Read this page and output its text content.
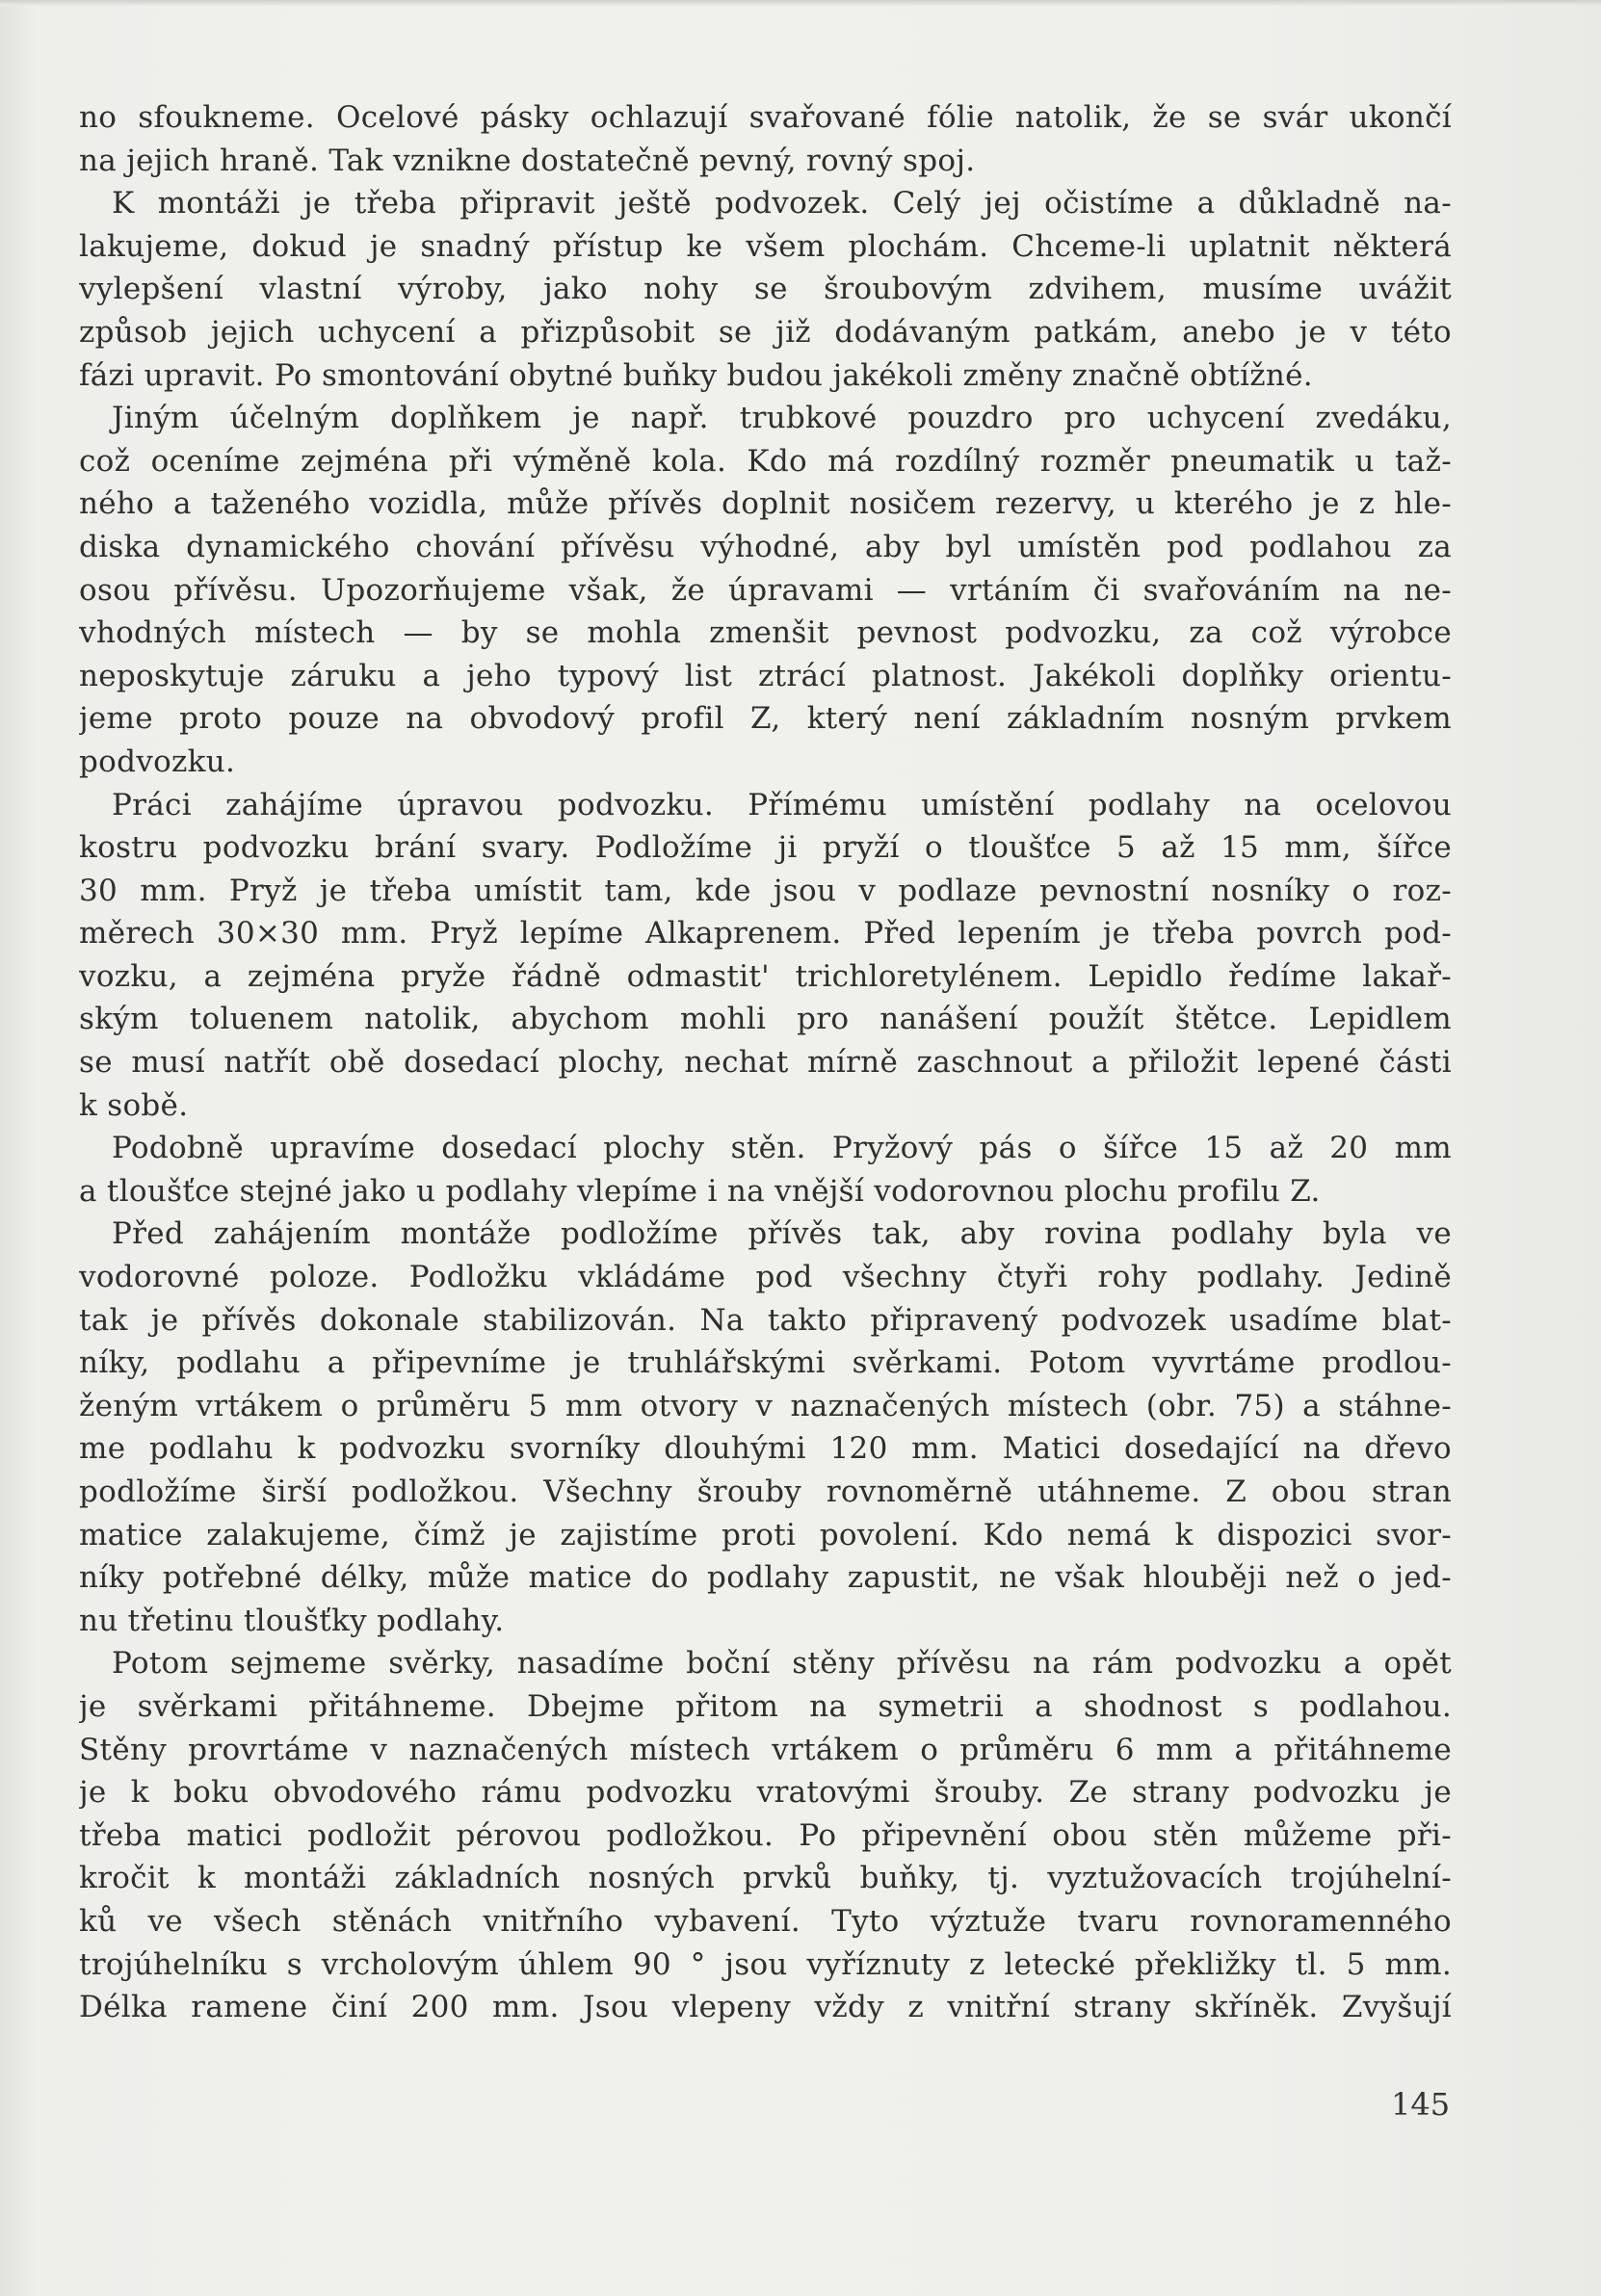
no sfoukneme. Ocelové pásky ochlazují svařované fólie natolik, že se svár ukončí
na jejich hraně. Tak vznikne dostatečně pevný, rovný spoj.
K montáži je třeba připravit ještě podvozek. Celý jej očistíme a důkladně na-
lakujeme, dokud je snadný přístup ke všem plochám. Chceme-li uplatnit některá
vylepšení vlastní výroby, jako nohy se šroubovým zdvihem, musíme uvážit
způsob jejich uchycení a přizpůsobit se již dodávaným patkám, anebo je v této
fázi upravit. Po smontování obytné buňky budou jakékoli změny značně obtížné.
Jiným účelným doplňkem je např. trubkové pouzdro pro uchycení zvedáku,
což oceníme zejména při výměně kola. Kdo má rozdílný rozměr pneumatik u taž-
ného a taženého vozidla, může přívěs doplnit nosičem rezervy, u kterého je z hle-
diska dynamického chování přívěsu výhodné, aby byl umístěn pod podlahou za
osou přívěsu. Upozorňujeme však, že úpravami — vrtáním či svařováním na ne-
vhodných místech — by se mohla zmenšit pevnost podvozku, za což výrobce
neposkytuje záruku a jeho typový list ztrácí platnost. Jakékoli doplňky orientu-
jeme proto pouze na obvodový profil Z, který není základním nosným prvkem
podvozku.
Práci zahájíme úpravou podvozku. Přímému umístění podlahy na ocelovou
kostru podvozku brání svary. Podložíme ji pryží o tloušťce 5 až 15 mm, šířce
30 mm. Pryž je třeba umístit tam, kde jsou v podlaze pevnostní nosníky o roz-
měrech 30×30 mm. Pryž lepíme Alkaprenem. Před lepením je třeba povrch pod-
vozku, a zejména pryže řádně odmastit' trichloretylénem. Lepidlo ředíme lakař-
ským toluenem natolik, abychom mohli pro nanášení použít štětce. Lepidlem
se musí natřít obě dosedací plochy, nechat mírně zaschnout a přiložit lepené části
k sobě.
Podobně upravíme dosedací plochy stěn. Pryžový pás o šířce 15 až 20 mm
a tloušťce stejné jako u podlahy vlepíme i na vnější vodorovnou plochu profilu Z.
Před zahájením montáže podložíme přívěs tak, aby rovina podlahy byla ve
vodorovné poloze. Podložku vkládáme pod všechny čtyři rohy podlahy. Jedině
tak je přívěs dokonale stabilizován. Na takto připravený podvozek usadíme blat-
níky, podlahu a připevníme je truhlářskými svěrkami. Potom vyvrtáme prodlou-
ženým vrtákem o průměru 5 mm otvory v naznačených místech (obr. 75) a stáhne-
me podlahu k podvozku svorníky dlouhými 120 mm. Matici dosedající na dřevo
podložíme širší podložkou. Všechny šrouby rovnoměrně utáhneme. Z obou stran
matice zalakujeme, čímž je zajistíme proti povolení. Kdo nemá k dispozici svor-
níky potřebné délky, může matice do podlahy zapustit, ne však hlouběji než o jed-
nu třetinu tloušťky podlahy.
Potom sejmeme svěrky, nasadíme boční stěny přívěsu na rám podvozku a opět
je svěrkami přitáhneme. Dbejme přitom na symetrii a shodnost s podlahou.
Stěny provrtáme v naznačených místech vrtákem o průměru 6 mm a přitáhneme
je k boku obvodového rámu podvozku vratovými šrouby. Ze strany podvozku je
třeba matici podložit pérovou podložkou. Po připevnění obou stěn můžeme při-
kročit k montáži základních nosných prvků buňky, tj. vyztužovacích trojúhelní-
ků ve všech stěnách vnitřního vybavení. Tyto výztuže tvaru rovnoramenného
trojúhelníku s vrcholovým úhlem 90 ° jsou vyříznuty z letecké překližky tl. 5 mm.
Délka ramene činí 200 mm. Jsou vlepeny vždy z vnitřní strany skříněk. Zvyšují
145
